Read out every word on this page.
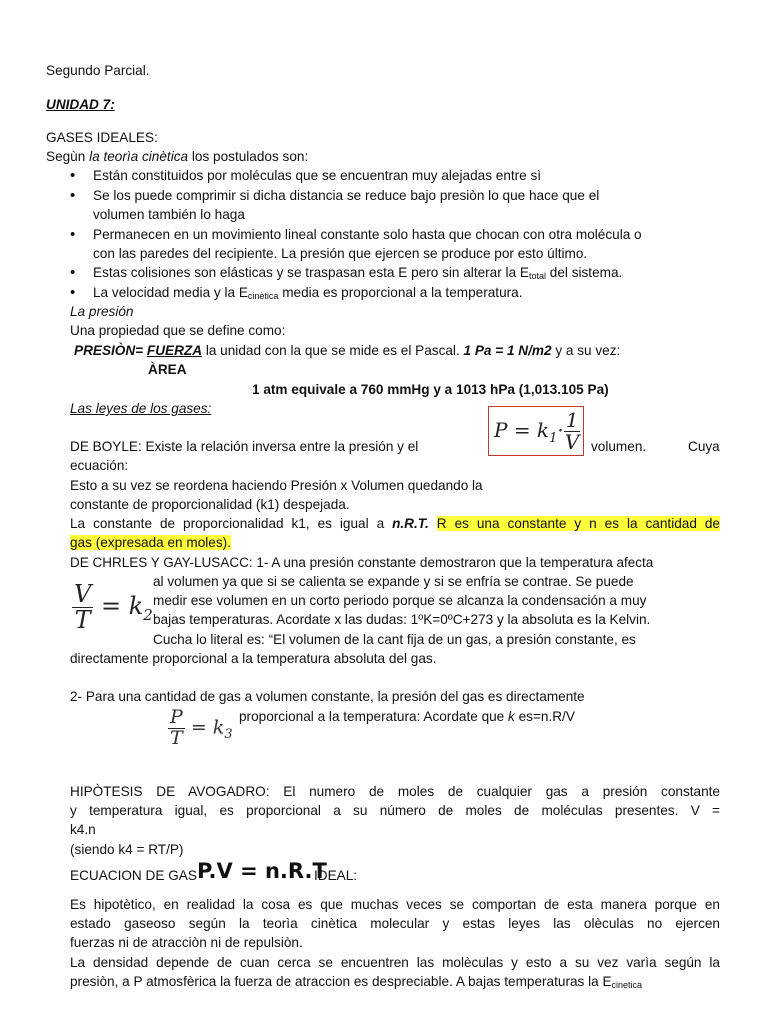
Segundo Parcial.
UNIDAD 7:
GASES IDEALES:
Segùn la teorìa cinètica los postulados son:
•	Están constituidos por moléculas que se encuentran muy alejadas entre sì
•	Se los puede comprimir si dicha distancia se reduce bajo presiòn lo que hace que el
volumen también lo haga
•	Permanecen en un movimiento lineal constante solo hasta que chocan con otra molécula o
con las paredes del recipiente. La presión que ejercen se produce por esto último.
•	Estas colisiones son elásticas y se traspasan esta E pero sin alterar la $E_{total}$ del sistema.
•	La velocidad media y la $E_{cinètica}$ media es proporcional a la temperatura.
La presión
Una propiedad que se define como:
PRESIÒN= FUERZA la unidad con la que se mide es el Pascal. 1 Pa = 1 N/m2 y a su vez:
ÀREA
1 atm equivale a 760 mmHg y a 1013 hPa (1,013.105 Pa)
Las leyes de los gases:
DE BOYLE: Existe la relación inversa entre la presión y el
$P = k_1\cdot \frac{1}{V}$ volumen.	Cuya
ecuación:
Esto a su vez se reordena haciendo Presión x Volumen quedando la
constante de proporcionalidad (k1) despejada.
La constante de proporcionalidad k1, es igual a n.R.T. R es una constante y n es la cantidad de
gas (expresada en moles).
DE CHRLES Y GAY-LUSACC: 1- A una presión constante demostraron que la temperatura afecta
$\frac{V}{T} = k_2$
al volumen ya que si se calienta se expande y si se enfría se contrae. Se puede
medir ese volumen en un corto periodo porque se alcanza la condensación a muy
bajas temperaturas. Acordate x las dudas: 1ºK=0ºC+273 y la absoluta es la Kelvin.
Cucha lo literal es: “El volumen de la cant fija de un gas, a presión constante, es
directamente proporcional a la temperatura absoluta del gas.
2- Para una cantidad de gas a volumen constante, la presión del gas es directamente
$\frac{P}{T} = k_3$
proporcional a la temperatura: Acordate que k es=n.R/V
HIPÒTESIS DE AVOGADRO: El numero de moles de cualquier gas a presión constante
y temperatura igual, es proporcional a su número de moles de moléculas presentes. V =
k4.n
(siendo k4 = RT/P)
ECUACION DE GAS P.V = n.R.T
IDEAL:
Es hipotètico, en realidad la cosa es que muchas veces se comportan de esta manera porque en
estado gaseoso según la teorìa cinètica molecular y estas leyes las olèculas no ejercen
fuerzas ni de atracciòn ni de repulsiòn.
La densidad depende de cuan cerca se encuentren las molèculas y esto a su vez varìa según la
presiòn, a P atmosfèrica la fuerza de atraccion es despreciable. A bajas temperaturas la $E_{cinetica}$
